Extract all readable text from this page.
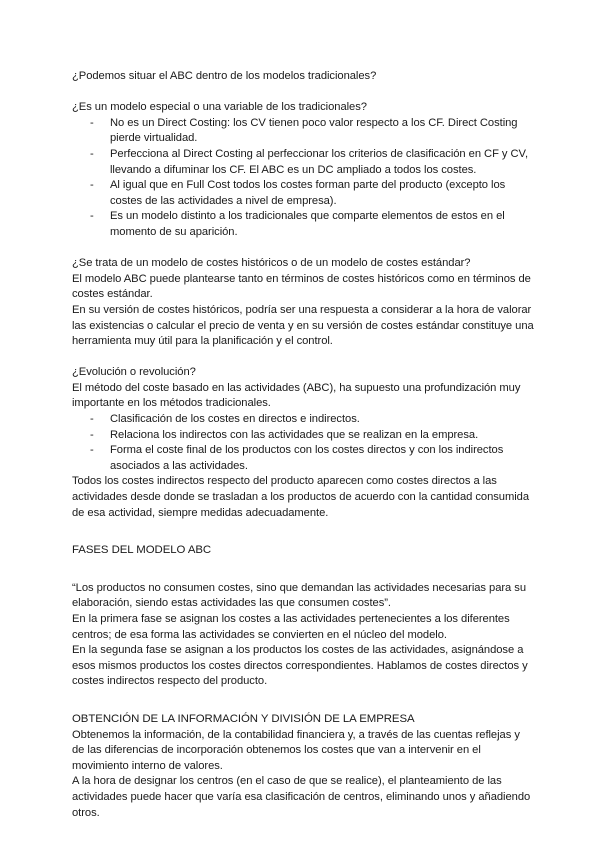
¿Podemos situar el ABC dentro de los modelos tradicionales?

¿Es un modelo especial o una variable de los tradicionales?

- No es un Direct Costing: los CV tienen poco valor respecto a los CF. Direct Costing pierde virtualidad.
- Perfecciona al Direct Costing al perfeccionar los criterios de clasificación en CF y CV, llevando a difuminar los CF. El ABC es un DC ampliado a todos los costes.
- Al igual que en Full Cost todos los costes forman parte del producto (excepto los costes de las actividades a nivel de empresa).
- Es un modelo distinto a los tradicionales que comparte elementos de estos en el momento de su aparición.

¿Se trata de un modelo de costes históricos o de un modelo de costes estándar?

El modelo ABC puede plantearse tanto en términos de costes históricos como en términos de costes estándar.

En su versión de costes históricos, podría ser una respuesta a considerar a la hora de valorar las existencias o calcular el precio de venta y en su versión de costes estándar constituye una herramienta muy útil para la planificación y el control.

¿Evolución o revolución?

El método del coste basado en las actividades (ABC), ha supuesto una profundización muy importante en los métodos tradicionales.

- Clasificación de los costes en directos e indirectos.
- Relaciona los indirectos con las actividades que se realizan en la empresa.
- Forma el coste final de los productos con los costes directos y con los indirectos asociados a las actividades.

Todos los costes indirectos respecto del producto aparecen como costes directos a las actividades desde donde se trasladan a los productos de acuerdo con la cantidad consumida de esa actividad, siempre medidas adecuadamente.

FASES DEL MODELO ABC

“Los productos no consumen costes, sino que demandan las actividades necesarias para su elaboración, siendo estas actividades las que consumen costes”.

En la primera fase se asignan los costes a las actividades pertenecientes a los diferentes centros; de esa forma las actividades se convierten en el núcleo del modelo.

En la segunda fase se asignan a los productos los costes de las actividades, asignándose a esos mismos productos los costes directos correspondientes. Hablamos de costes directos y costes indirectos respecto del producto.

OBTENCIÓN DE LA INFORMACIÓN Y DIVISIÓN DE LA EMPRESA

Obtenemos la información, de la contabilidad financiera y, a través de las cuentas reflejas y de las diferencias de incorporación obtenemos los costes que van a intervenir en el movimiento interno de valores.

A la hora de designar los centros (en el caso de que se realice), el planteamiento de las actividades puede hacer que varía esa clasificación de centros, eliminando unos y añadiendo otros.
